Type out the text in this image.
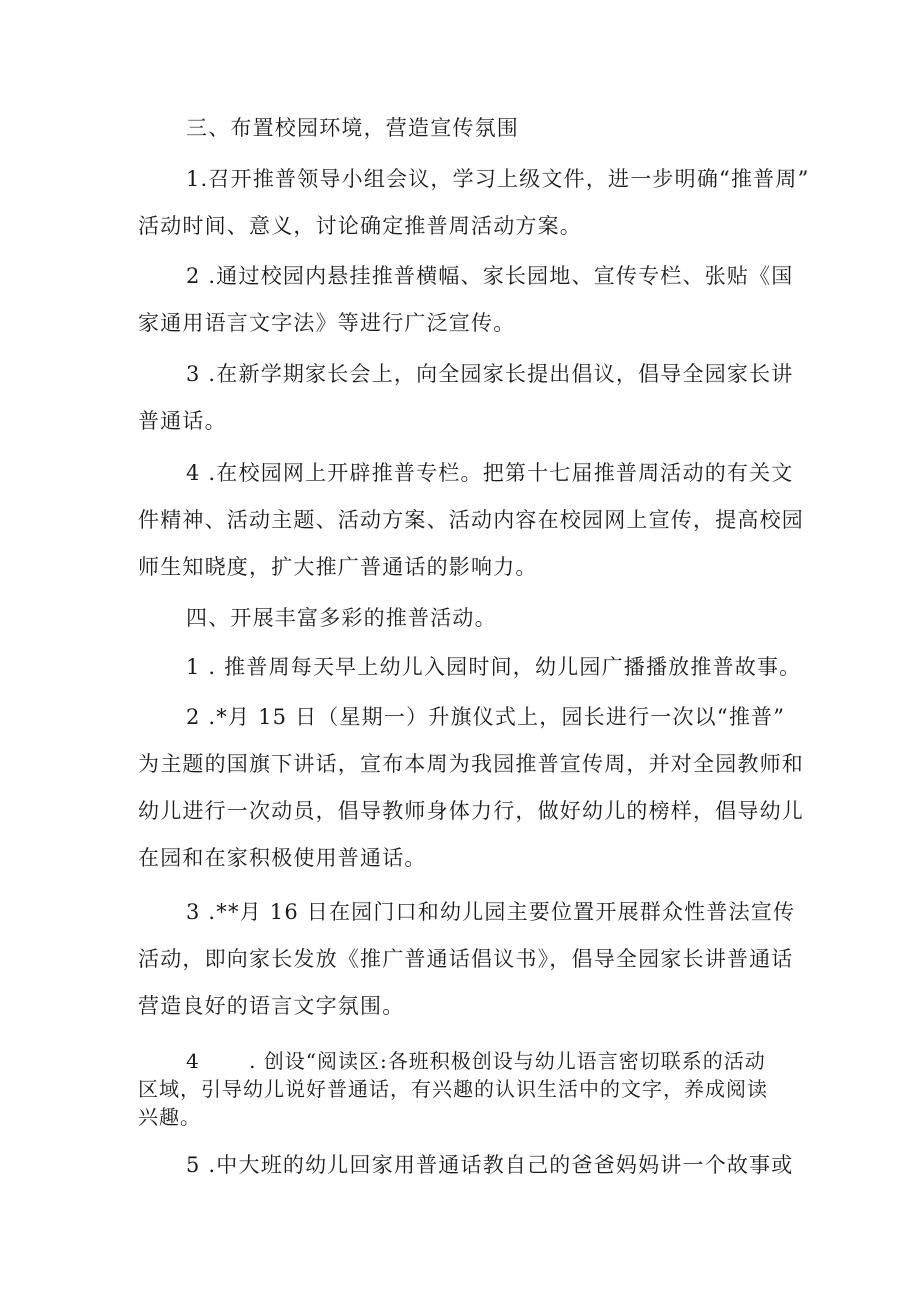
三、布置校园环境，营造宣传氛围

1.召开推普领导小组会议，学习上级文件，进一步明确“推普周”
活动时间、意义，讨论确定推普周活动方案。

2 .通过校园内悬挂推普横幅、家长园地、宣传专栏、张贴《国
家通用语言文字法》等进行广泛宣传。

3 .在新学期家长会上，向全园家长提出倡议，倡导全园家长讲
普通话。

4 .在校园网上开辟推普专栏。把第十七届推普周活动的有关文
件精神、活动主题、活动方案、活动内容在校园网上宣传，提高校园
师生知晓度，扩大推广普通话的影响力。

四、开展丰富多彩的推普活动。

1 . 推普周每天早上幼儿入园时间，幼儿园广播播放推普故事。

2 .*月 15 日（星期一）升旗仪式上，园长进行一次以“推普”
为主题的国旗下讲话，宣布本周为我园推普宣传周，并对全园教师和
幼儿进行一次动员，倡导教师身体力行，做好幼儿的榜样，倡导幼儿
在园和在家积极使用普通话。

3 .**月 16 日在园门口和幼儿园主要位置开展群众性普法宣传
活动，即向家长发放《推广普通话倡议书》，倡导全园家长讲普通话
营造良好的语言文字氛围。

4 　　. 创设“阅读区:各班积极创设与幼儿语言密切联系的活动
区域，引导幼儿说好普通话，有兴趣的认识生活中的文字，养成阅读
兴趣。

5 .中大班的幼儿回家用普通话教自己的爸爸妈妈讲一个故事或
